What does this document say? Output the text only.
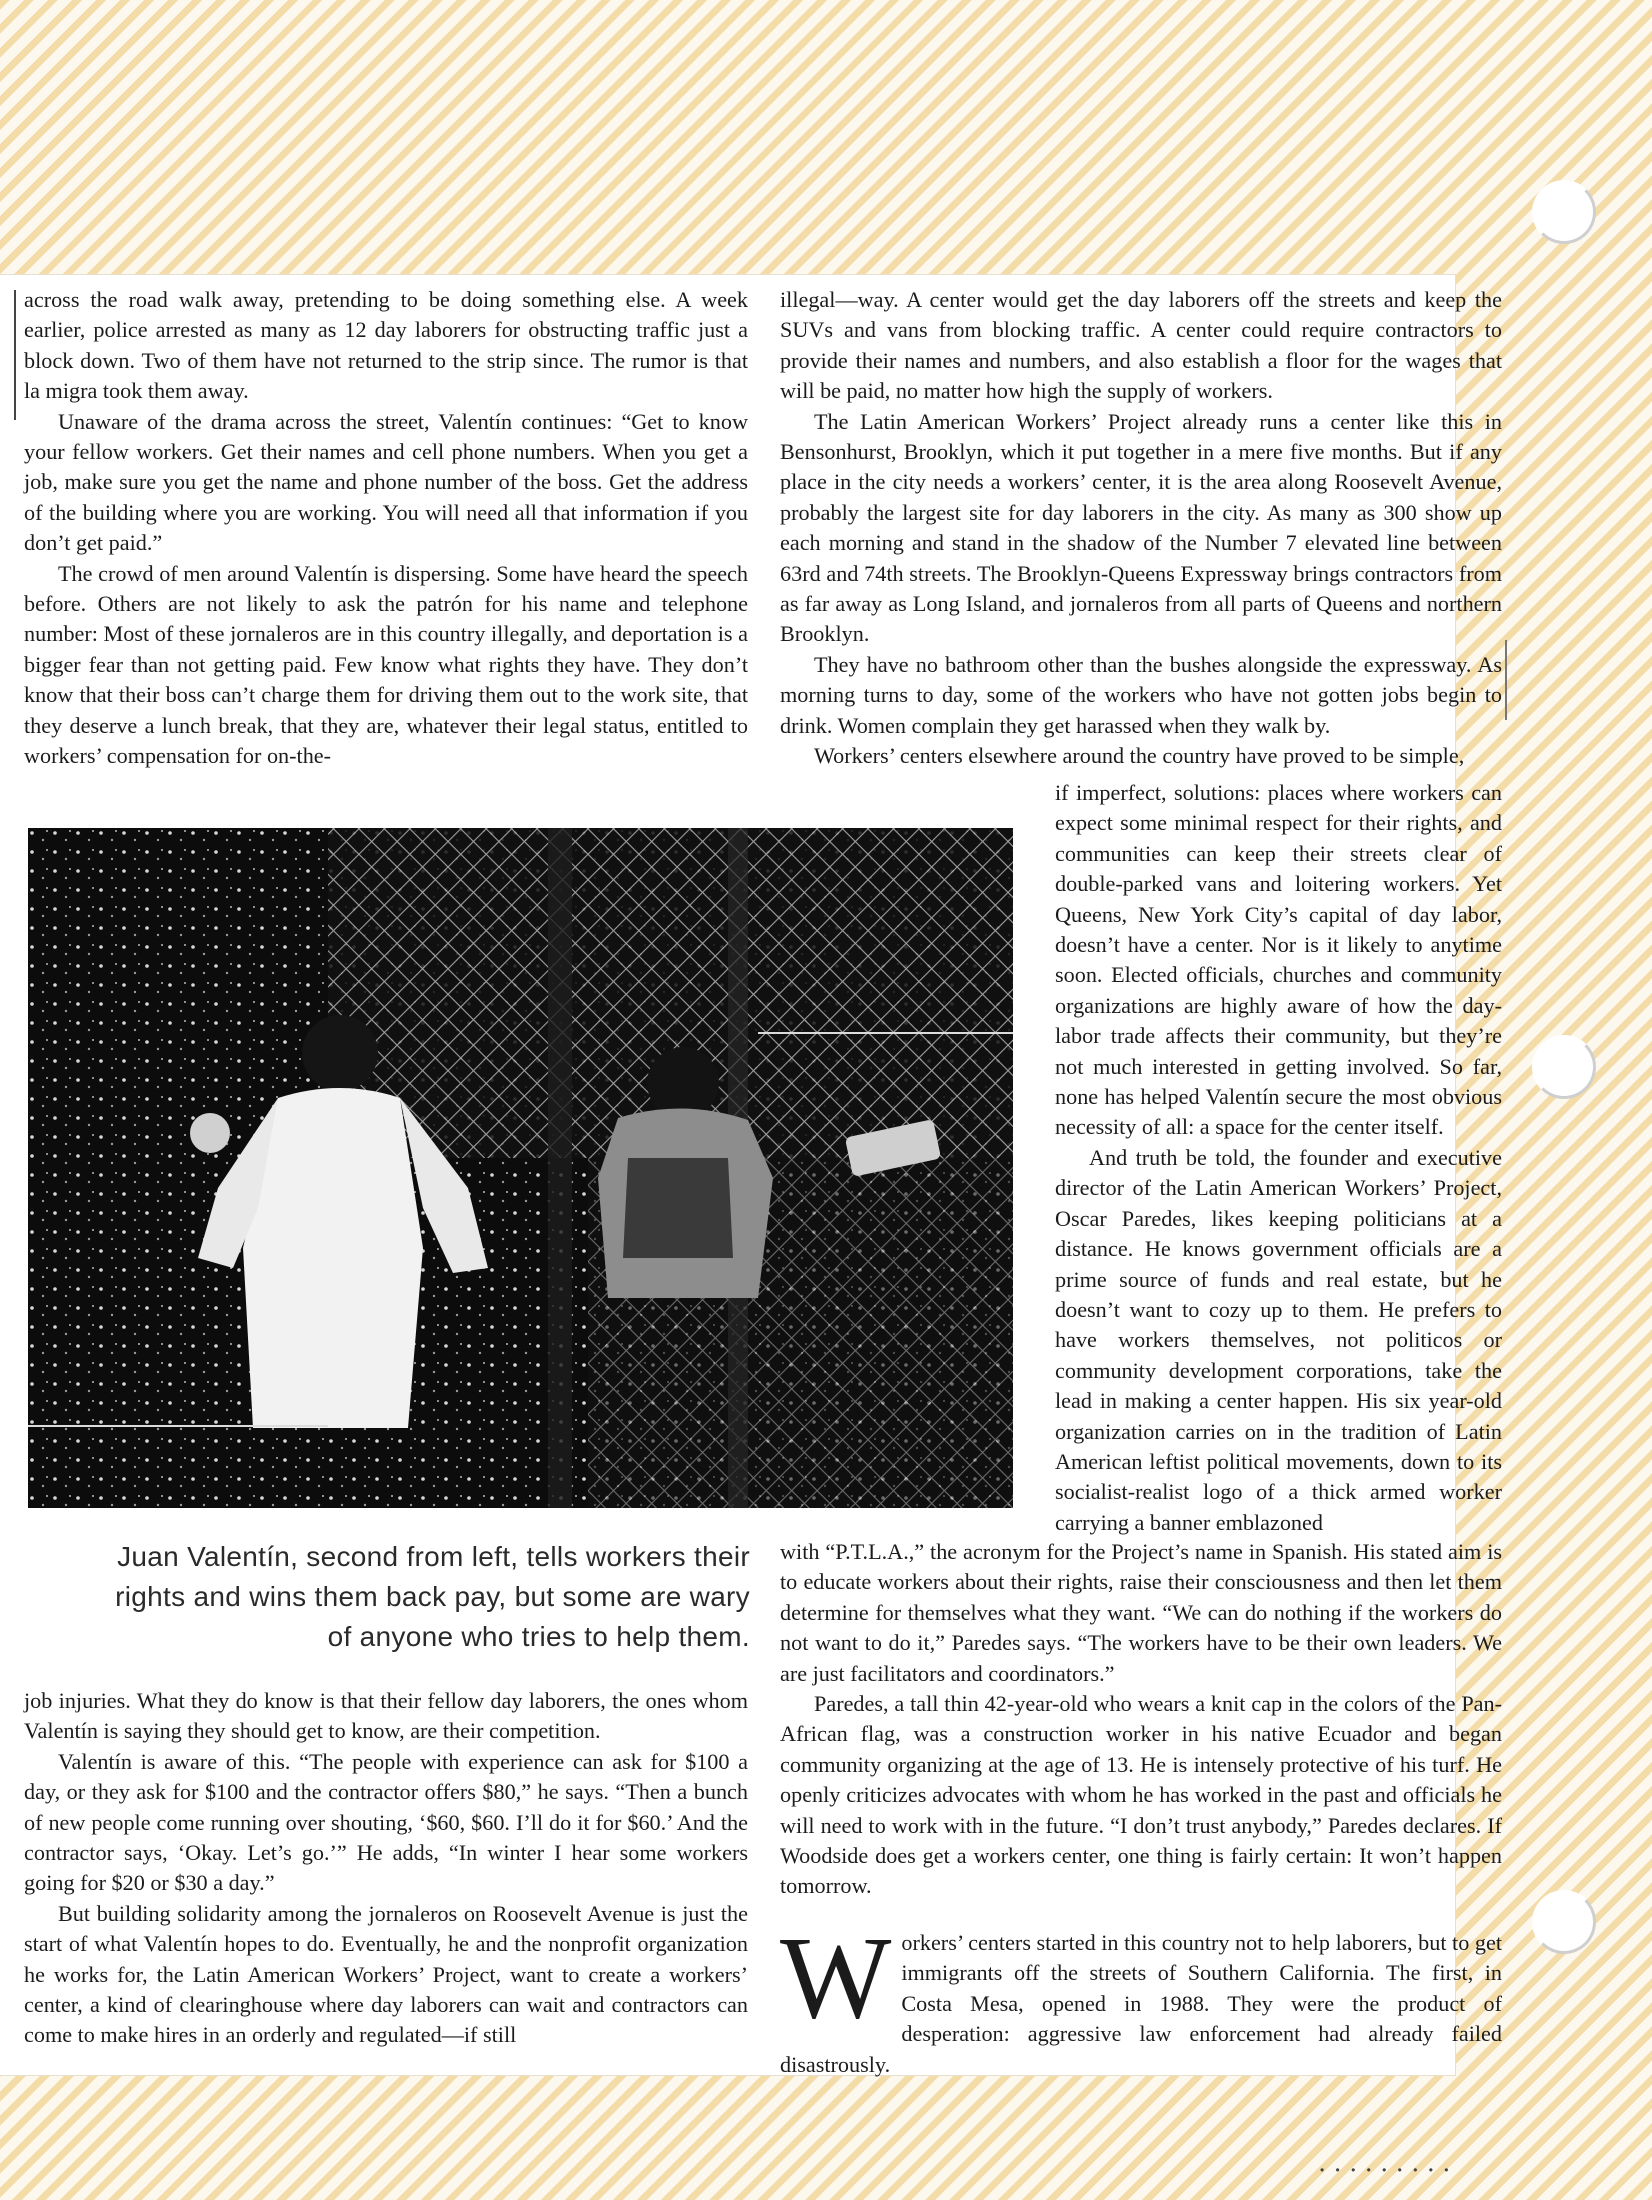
across the road walk away, pretending to be doing something else. A week earlier, police arrested as many as 12 day laborers for obstructing traffic just a block down. Two of them have not returned to the strip since. The rumor is that la migra took them away.

Unaware of the drama across the street, Valentín continues: “Get to know your fellow workers. Get their names and cell phone numbers. When you get a job, make sure you get the name and phone number of the boss. Get the address of the building where you are working. You will need all that information if you don’t get paid.”

The crowd of men around Valentín is dispersing. Some have heard the speech before. Others are not likely to ask the patrón for his name and telephone number: Most of these jornaleros are in this country illegally, and deportation is a bigger fear than not getting paid. Few know what rights they have. They don’t know that their boss can’t charge them for driving them out to the work site, that they deserve a lunch break, that they are, whatever their legal status, entitled to workers’ compensation for on-the-

illegal—way. A center would get the day laborers off the streets and keep the SUVs and vans from blocking traffic. A center could require contractors to provide their names and numbers, and also establish a floor for the wages that will be paid, no matter how high the supply of workers.

The Latin American Workers’ Project already runs a center like this in Bensonhurst, Brooklyn, which it put together in a mere five months. But if any place in the city needs a workers’ center, it is the area along Roosevelt Avenue, probably the largest site for day laborers in the city. As many as 300 show up each morning and stand in the shadow of the Number 7 elevated line between 63rd and 74th streets. The Brooklyn-Queens Expressway brings contractors from as far away as Long Island, and jornaleros from all parts of Queens and northern Brooklyn.

They have no bathroom other than the bushes alongside the expressway. As morning turns to day, some of the workers who have not gotten jobs begin to drink. Women complain they get harassed when they walk by.

Workers’ centers elsewhere around the country have proved to be simple,

if imperfect, solutions: places where workers can expect some minimal respect for their rights, and communities can keep their streets clear of double-parked vans and loitering workers. Yet Queens, New York City’s capital of day labor, doesn’t have a center. Nor is it likely to anytime soon. Elected officials, churches and community organizations are highly aware of how the day-labor trade affects their community, but they’re not much interested in getting involved. So far, none has helped Valentín secure the most obvious necessity of all: a space for the center itself.

And truth be told, the founder and executive director of the Latin American Workers’ Project, Oscar Paredes, likes keeping politicians at a distance. He knows government officials are a prime source of funds and real estate, but he doesn’t want to cozy up to them. He prefers to have workers themselves, not politicos or community development corporations, take the lead in making a center happen. His six year-old organization carries on in the tradition of Latin American leftist political movements, down to its socialist-realist logo of a thick armed worker carrying a banner emblazoned

Juan Valentín, second from left, tells workers their rights and wins them back pay, but some are wary of anyone who tries to help them.

with “P.T.L.A.,” the acronym for the Project’s name in Spanish. His stated aim is to educate workers about their rights, raise their consciousness and then let them determine for themselves what they want. “We can do nothing if the workers do not want to do it,” Paredes says. “The workers have to be their own leaders. We are just facilitators and coordinators.”

Paredes, a tall thin 42-year-old who wears a knit cap in the colors of the Pan-African flag, was a construction worker in his native Ecuador and began community organizing at the age of 13. He is intensely protective of his turf. He openly criticizes advocates with whom he has worked in the past and officials he will need to work with in the future. “I don’t trust anybody,” Paredes declares. If Woodside does get a workers center, one thing is fairly certain: It won’t happen tomorrow.

job injuries. What they do know is that their fellow day laborers, the ones whom Valentín is saying they should get to know, are their competition.

Valentín is aware of this. “The people with experience can ask for $100 a day, or they ask for $100 and the contractor offers $80,” he says. “Then a bunch of new people come running over shouting, ‘$60, $60. I’ll do it for $60.’ And the contractor says, ‘Okay. Let’s go.’” He adds, “In winter I hear some workers going for $20 or $30 a day.”

But building solidarity among the jornaleros on Roosevelt Avenue is just the start of what Valentín hopes to do. Eventually, he and the nonprofit organization he works for, the Latin American Workers’ Project, want to create a workers’ center, a kind of clearinghouse where day laborers can wait and contractors can come to make hires in an orderly and regulated—if still	W orkers’ centers started in this country not to help laborers, but to get immigrants off the streets of Southern California. The first, in Costa Mesa, opened in 1988. They were the product of desperation: aggressive law enforcement had already failed disastrously.

• • • • • • • • •
